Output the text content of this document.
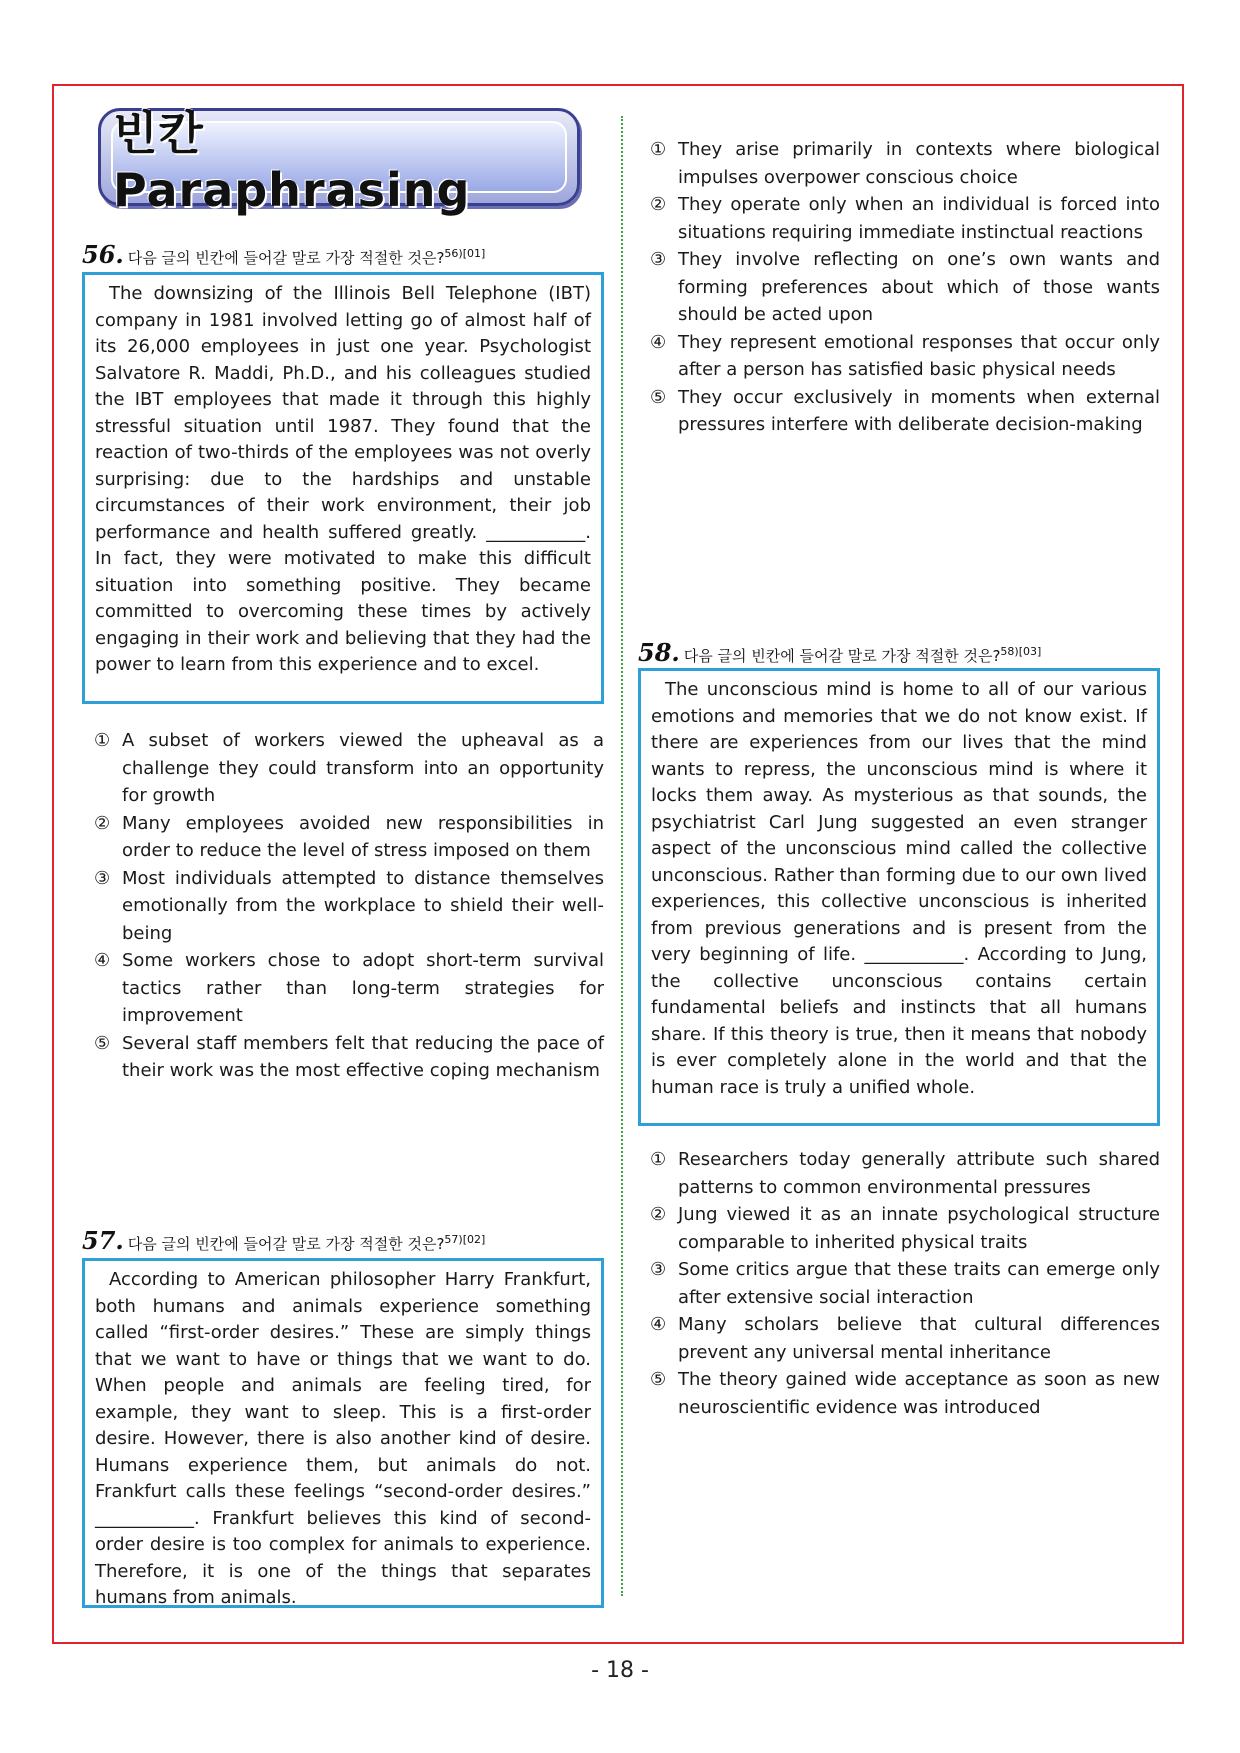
빈칸 Paraphrasing
56. 다음 글의 빈칸에 들어갈 말로 가장 적절한 것은?$^{56)[01]}$

The downsizing of the Illinois Bell Telephone (IBT) company in 1981 involved letting go of almost half of its 26,000 employees in just one year. Psychologist Salvatore R. Maddi, Ph.D., and his colleagues studied the IBT employees that made it through this highly stressful situation until 1987. They found that the reaction of two-thirds of the employees was not overly surprising: due to the hardships and unstable circumstances of their work environment, their job performance and health suffered greatly. ___________. In fact, they were motivated to make this difficult situation into something positive. They became committed to overcoming these times by actively engaging in their work and believing that they had the power to learn from this experience and to excel.

① A subset of workers viewed the upheaval as a challenge they could transform into an opportunity for growth
② Many employees avoided new responsibilities in order to reduce the level of stress imposed on them
③ Most individuals attempted to distance themselves emotionally from the workplace to shield their well-being
④ Some workers chose to adopt short-term survival tactics rather than long-term strategies for improvement
⑤ Several staff members felt that reducing the pace of their work was the most effective coping mechanism
57. 다음 글의 빈칸에 들어갈 말로 가장 적절한 것은?$^{57)[02]}$

According to American philosopher Harry Frankfurt, both humans and animals experience something called “first-order desires.” These are simply things that we want to have or things that we want to do. When people and animals are feeling tired, for example, they want to sleep. This is a first-order desire. However, there is also another kind of desire. Humans experience them, but animals do not. Frankfurt calls these feelings “second-order desires.” ___________. Frankfurt believes this kind of second-order desire is too complex for animals to experience. Therefore, it is one of the things that separates humans from animals.

① They arise primarily in contexts where biological impulses overpower conscious choice
② They operate only when an individual is forced into situations requiring immediate instinctual reactions
③ They involve reflecting on one’s own wants and forming preferences about which of those wants should be acted upon
④ They represent emotional responses that occur only after a person has satisfied basic physical needs
⑤ They occur exclusively in moments when external pressures interfere with deliberate decision-making
58. 다음 글의 빈칸에 들어갈 말로 가장 적절한 것은?$^{58)[03]}$

The unconscious mind is home to all of our various emotions and memories that we do not know exist. If there are experiences from our lives that the mind wants to repress, the unconscious mind is where it locks them away. As mysterious as that sounds, the psychiatrist Carl Jung suggested an even stranger aspect of the unconscious mind called the collective unconscious. Rather than forming due to our own lived experiences, this collective unconscious is inherited from previous generations and is present from the very beginning of life. ___________. According to Jung, the collective unconscious contains certain fundamental beliefs and instincts that all humans share. If this theory is true, then it means that nobody is ever completely alone in the world and that the human race is truly a unified whole.

① Researchers today generally attribute such shared patterns to common environmental pressures
② Jung viewed it as an innate psychological structure comparable to inherited physical traits
③ Some critics argue that these traits can emerge only after extensive social interaction
④ Many scholars believe that cultural differences prevent any universal mental inheritance
⑤ The theory gained wide acceptance as soon as new neuroscientific evidence was introduced
- 18 -
